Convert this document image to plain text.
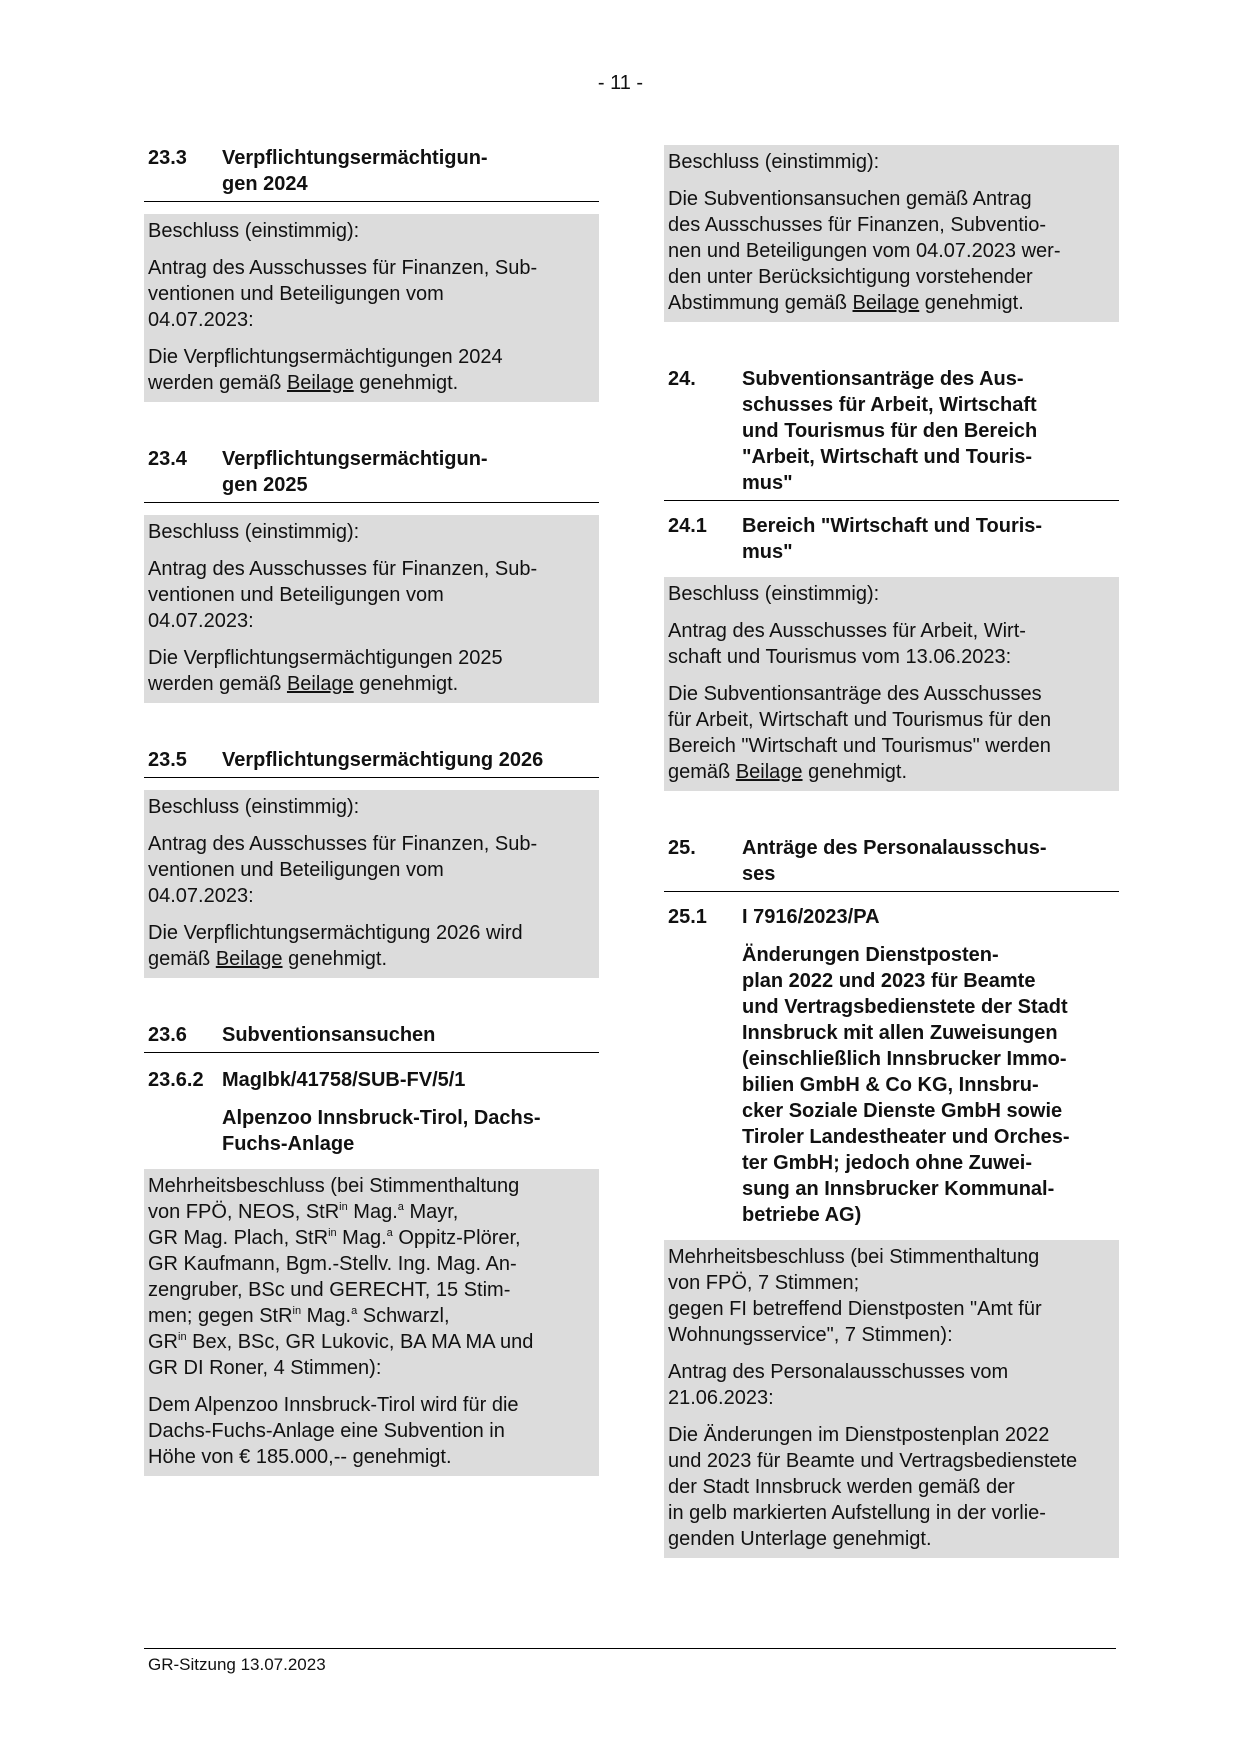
- 11 -
23.3	Verpflichtungsermächtigun-
gen 2024

Beschluss (einstimmig):

Antrag des Ausschusses für Finanzen, Sub-
ventionen und Beteiligungen vom
04.07.2023:

Die Verpflichtungsermächtigungen 2024
werden gemäß Beilage genehmigt.

23.4	Verpflichtungsermächtigun-
gen 2025

Beschluss (einstimmig):

Antrag des Ausschusses für Finanzen, Sub-
ventionen und Beteiligungen vom
04.07.2023:

Die Verpflichtungsermächtigungen 2025
werden gemäß Beilage genehmigt.

23.5	Verpflichtungsermächtigung 2026

Beschluss (einstimmig):

Antrag des Ausschusses für Finanzen, Sub-
ventionen und Beteiligungen vom
04.07.2023:

Die Verpflichtungsermächtigung 2026 wird
gemäß Beilage genehmigt.

23.6	Subventionsansuchen
23.6.2 MagIbk/41758/SUB-FV/5/1
Alpenzoo Innsbruck-Tirol, Dachs-
Fuchs-Anlage

Mehrheitsbeschluss (bei Stimmenthaltung
von FPÖ, NEOS, StR$^{in}$ Mag.$^a$ Mayr,
GR Mag. Plach, StR$^{in}$ Mag.$^a$ Oppitz-Plörer,
GR Kaufmann, Bgm.-Stellv. Ing. Mag. An-
zengruber, BSc und GERECHT, 15 Stim-
men; gegen StR$^{in}$ Mag.$^a$ Schwarzl,
$GR^{in}$ Bex, BSc, GR Lukovic, BA MA MA und
GR DI Roner, 4 Stimmen):

Dem Alpenzoo Innsbruck-Tirol wird für die
Dachs-Fuchs-Anlage eine Subvention in
Höhe von € 185.000,-- genehmigt.

Beschluss (einstimmig):

Die Subventionsansuchen gemäß Antrag
des Ausschusses für Finanzen, Subventio-
nen und Beteiligungen vom 04.07.2023 wer-
den unter Berücksichtigung vorstehender
Abstimmung gemäß Beilage genehmigt.

24.	Subventionsanträge des Aus-
schusses für Arbeit, Wirtschaft
und Tourismus für den Bereich
"Arbeit, Wirtschaft und Touris-
mus"
24.1	Bereich "Wirtschaft und Touris-
mus"

Beschluss (einstimmig):

Antrag des Ausschusses für Arbeit, Wirt-
schaft und Tourismus vom 13.06.2023:

Die Subventionsanträge des Ausschusses
für Arbeit, Wirtschaft und Tourismus für den
Bereich "Wirtschaft und Tourismus" werden
gemäß Beilage genehmigt.

25.	Anträge des Personalausschus-
ses
25.1	I 7916/2023/PA
Änderungen Dienstposten-
plan 2022 und 2023 für Beamte
und Vertragsbedienstete der Stadt
Innsbruck mit allen Zuweisungen
(einschließlich Innsbrucker Immo-
bilien GmbH & Co KG, Innsbru-
cker Soziale Dienste GmbH sowie
Tiroler Landestheater und Orches-
ter GmbH; jedoch ohne Zuwei-
sung an Innsbrucker Kommunal-
betriebe AG)

Mehrheitsbeschluss (bei Stimmenthaltung
von FPÖ, 7 Stimmen;
gegen FI betreffend Dienstposten "Amt für
Wohnungsservice", 7 Stimmen):

Antrag des Personalausschusses vom
21.06.2023:

Die Änderungen im Dienstpostenplan 2022
und 2023 für Beamte und Vertragsbedienstete
der Stadt Innsbruck werden gemäß der
in gelb markierten Aufstellung in der vorlie-
genden Unterlage genehmigt.

GR-Sitzung 13.07.2023
